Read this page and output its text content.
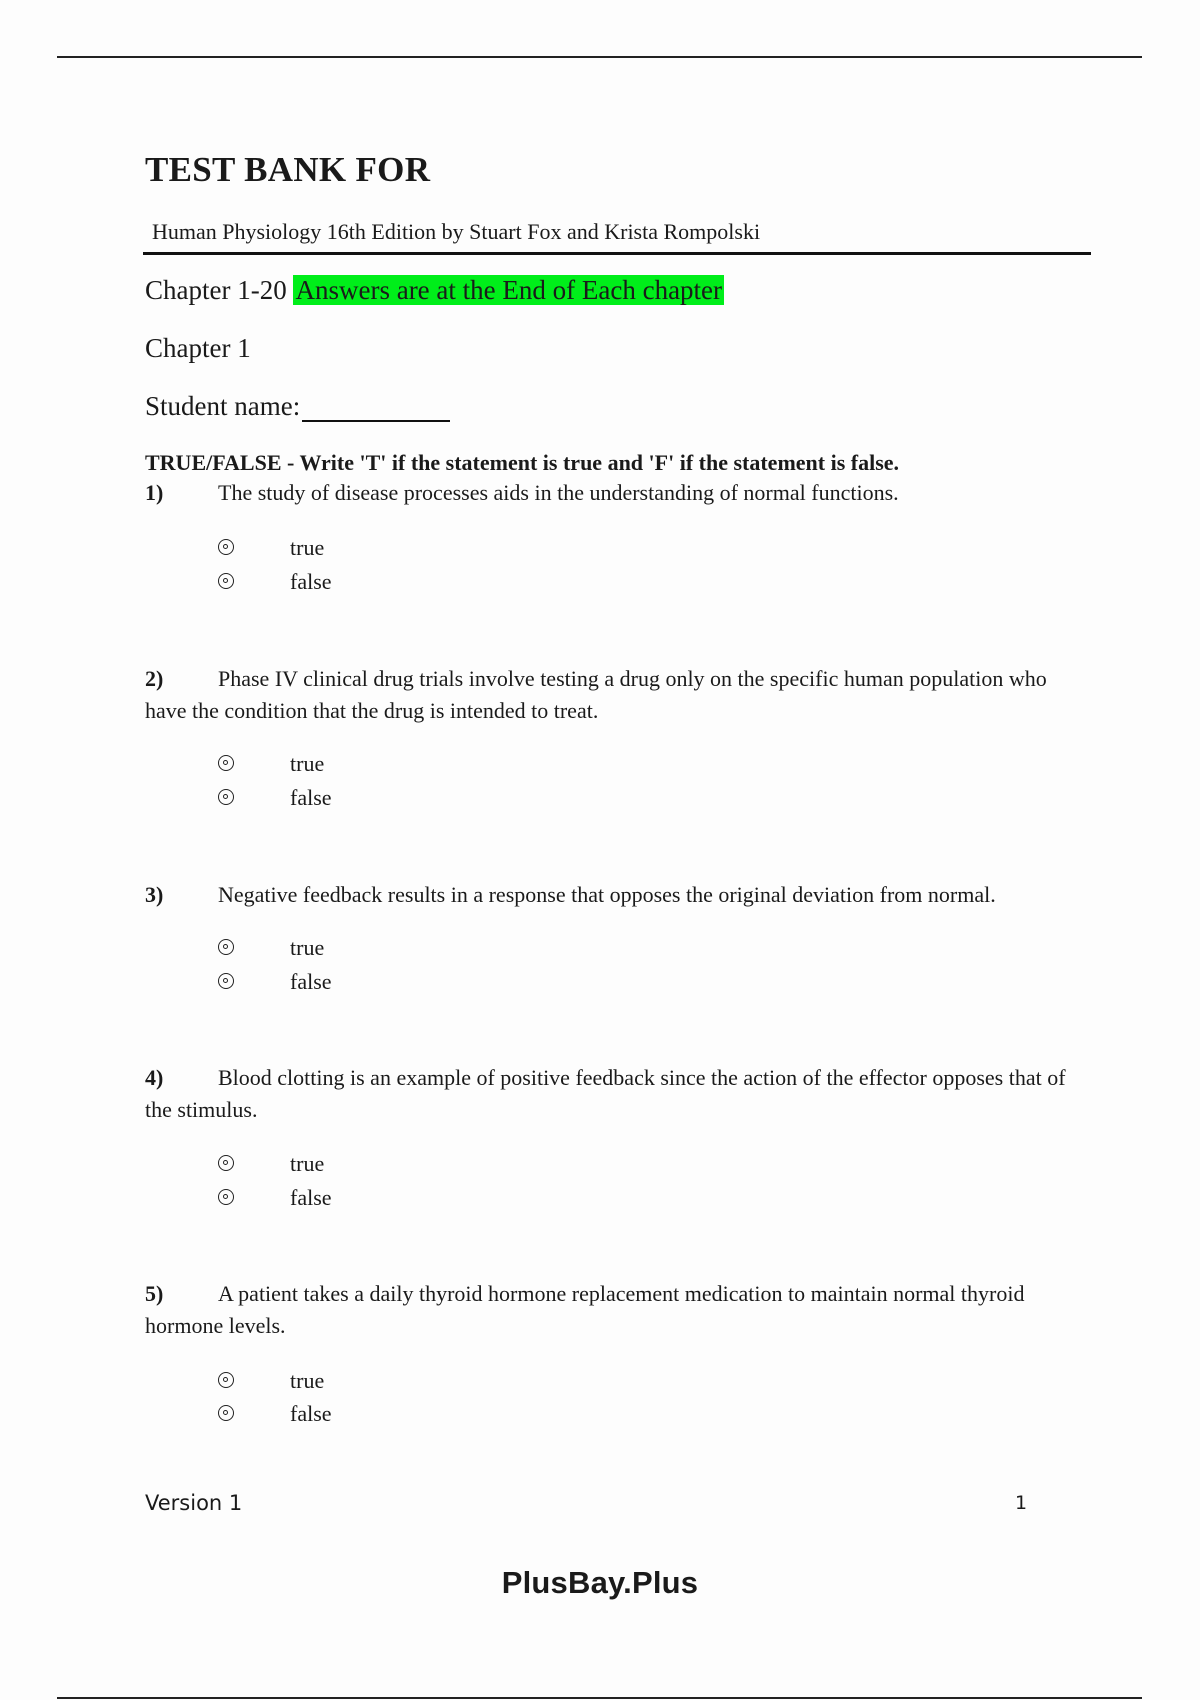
TEST BANK FOR
Human Physiology 16th Edition by Stuart Fox and Krista Rompolski
Chapter 1-20 Answers are at the End of Each chapter
Chapter 1
Student name:
TRUE/FALSE - Write 'T' if the statement is true and 'F' if the statement is false.
1) The study of disease processes aids in the understanding of normal functions.
true
false
2) Phase IV clinical drug trials involve testing a drug only on the specific human population who have the condition that the drug is intended to treat.
true
false
3) Negative feedback results in a response that opposes the original deviation from normal.
true
false
4) Blood clotting is an example of positive feedback since the action of the effector opposes that of the stimulus.
true
false
5) A patient takes a daily thyroid hormone replacement medication to maintain normal thyroid hormone levels.
true
false
Version 1	1
PlusBay.Plus
